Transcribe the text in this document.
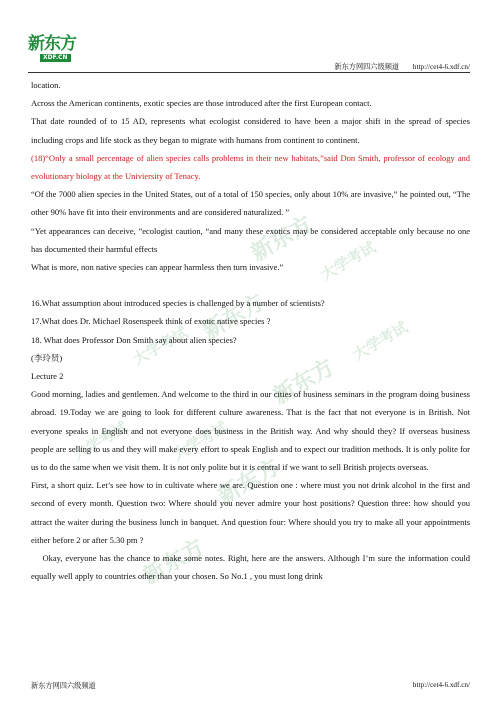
新东方
XDF.CN
新东方网四六级频道 http://cet4-6.xdf.cn/
新东方 大学考试
新东方
大学考试	大学考试
新东方
大学考试	大学考试
新东方
新东方

location.

Across the American continents, exotic species are those introduced after the first European contact.

That date rounded of to 15 AD, represents what ecologist considered to have been a major shift in the spread of species including crops and life stock as they began to migrate with humans from continent to continent.

(18)“Only a small percentage of alien species calls problems in their new habitats,”said Don Smith, professor of ecology and evolutionary biology at the Univiersity of Tenacy.

“Of the 7000 alien species in the United States, out of a total of 150 species, only about 10% are invasive,” he pointed out, “The other 90% have fit into their environments and are considered naturalized. ”

“Yet appearances can deceive, ”ecologist caution, “and many these exotics may be considered acceptable only because no one has documented their harmful effects

What is more, non native species can appear harmless then turn invasive.”

16.What assumption about introduced species is challenged by a number of scientists?

17.What does Dr. Michael Rosenspeek think of exotic native species ?

18. What does Professor Don Smith say about alien species?

(李玲贤)

Lecture 2

Good morning, ladies and gentlemen. And welcome to the third in our cities of business seminars in the program doing business abroad. 19.Today we are going to look for different culture awareness. That is the fact that not everyone is in British. Not everyone speaks in English and not everyone does business in the British way. And why should they? If overseas business people are selling to us and they will make every effort to speak English and to expect our tradition methods. It is only polite for us to do the same when we visit them. It is not only polite but it is central if we want to sell British projects overseas.

First, a short quiz. Let’s see how to in cultivate where we are. Question one : where must you not drink alcohol in the first and second of every month. Question two: Where should you never admire your host positions? Question three: how should you attract the waiter during the business lunch in banquet. And question four: Where should you try to make all your appointments either before 2 or after 5.30 pm ?

Okay, everyone has the chance to make some notes. Right, here are the answers. Although I’m sure the information could equally well apply to countries other than your chosen. So No.1 , you must long drink

新东方网四六级频道	http://cet4-6.xdf.cn/
